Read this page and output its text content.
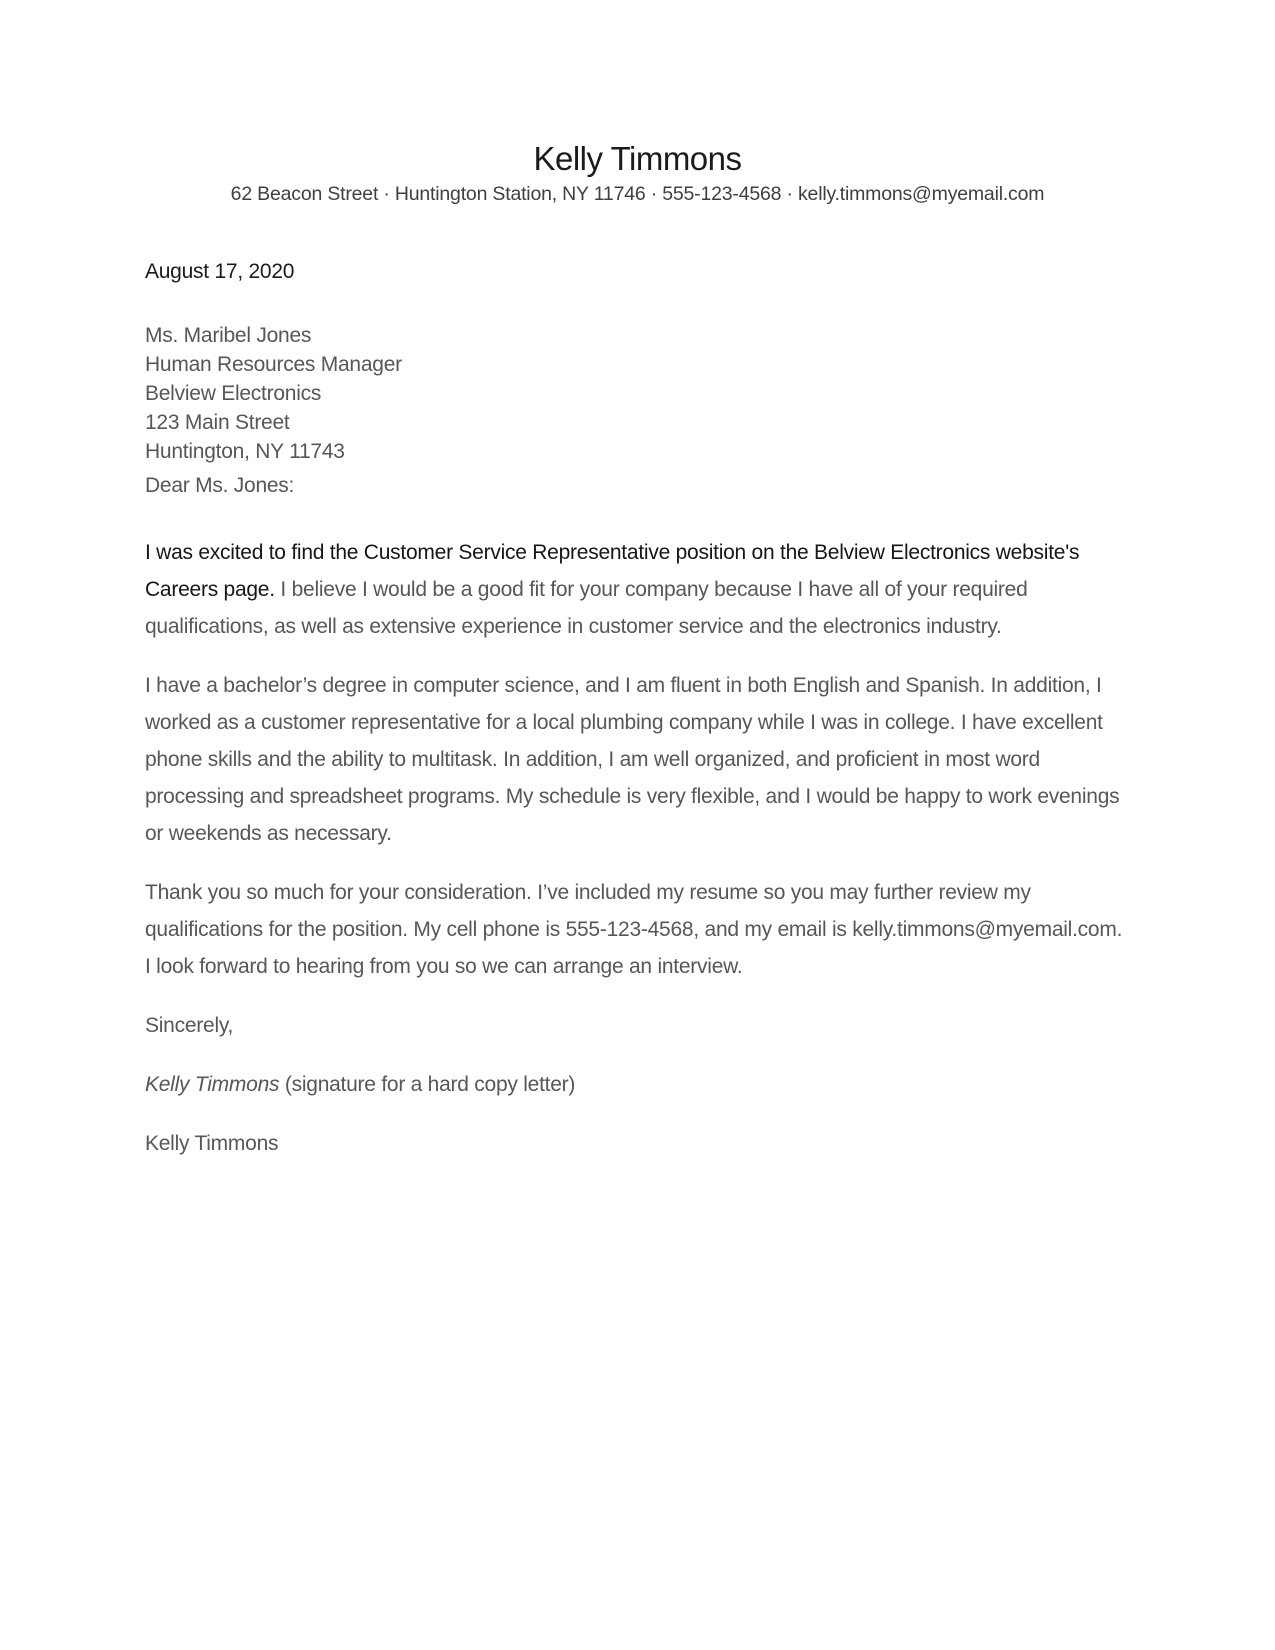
Kelly Timmons

62 Beacon Street · Huntington Station, NY 11746 · 555-123-4568 · kelly.timmons@myemail.com

August 17, 2020

Ms. Maribel Jones
Human Resources Manager
Belview Electronics
123 Main Street
Huntington, NY 11743

Dear Ms. Jones:

I was excited to find the Customer Service Representative position on the Belview Electronics website's Careers page. I believe I would be a good fit for your company because I have all of your required qualifications, as well as extensive experience in customer service and the electronics industry.

I have a bachelor’s degree in computer science, and I am fluent in both English and Spanish. In addition, I worked as a customer representative for a local plumbing company while I was in college. I have excellent phone skills and the ability to multitask. In addition, I am well organized, and proficient in most word processing and spreadsheet programs. My schedule is very flexible, and I would be happy to work evenings or weekends as necessary.

Thank you so much for your consideration. I’ve included my resume so you may further review my qualifications for the position. My cell phone is 555-123-4568, and my email is kelly.timmons@myemail.com. I look forward to hearing from you so we can arrange an interview.

Sincerely,

Kelly Timmons (signature for a hard copy letter)

Kelly Timmons
